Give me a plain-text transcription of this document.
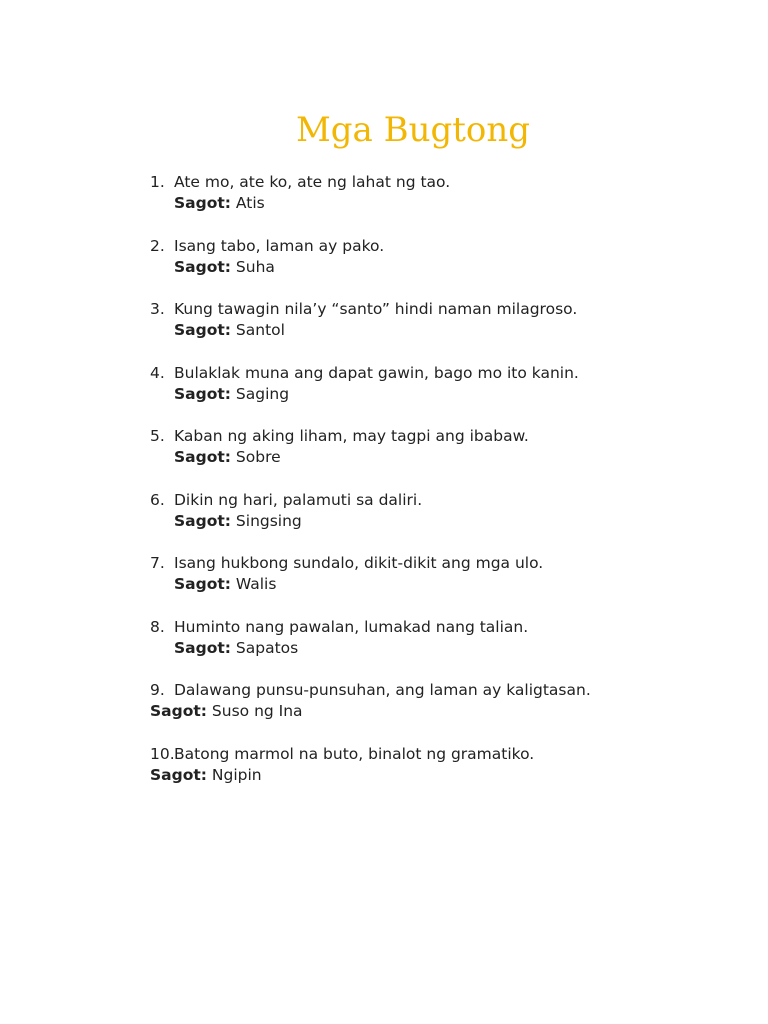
Mga Bugtong
1. Ate mo, ate ko, ate ng lahat ng tao.
Sagot: Atis
2. Isang tabo, laman ay pako.
Sagot: Suha
3. Kung tawagin nila’y “santo” hindi naman milagroso.
Sagot: Santol
4. Bulaklak muna ang dapat gawin, bago mo ito kanin.
Sagot: Saging
5. Kaban ng aking liham, may tagpi ang ibabaw.
Sagot: Sobre
6. Dikin ng hari, palamuti sa daliri.
Sagot: Singsing
7. Isang hukbong sundalo, dikit-dikit ang mga ulo.
Sagot: Walis
8. Huminto nang pawalan, lumakad nang talian.
Sagot: Sapatos
9. Dalawang punsu-punsuhan, ang laman ay kaligtasan.
Sagot: Suso ng Ina
10. Batong marmol na buto, binalot ng gramatiko.
Sagot: Ngipin
